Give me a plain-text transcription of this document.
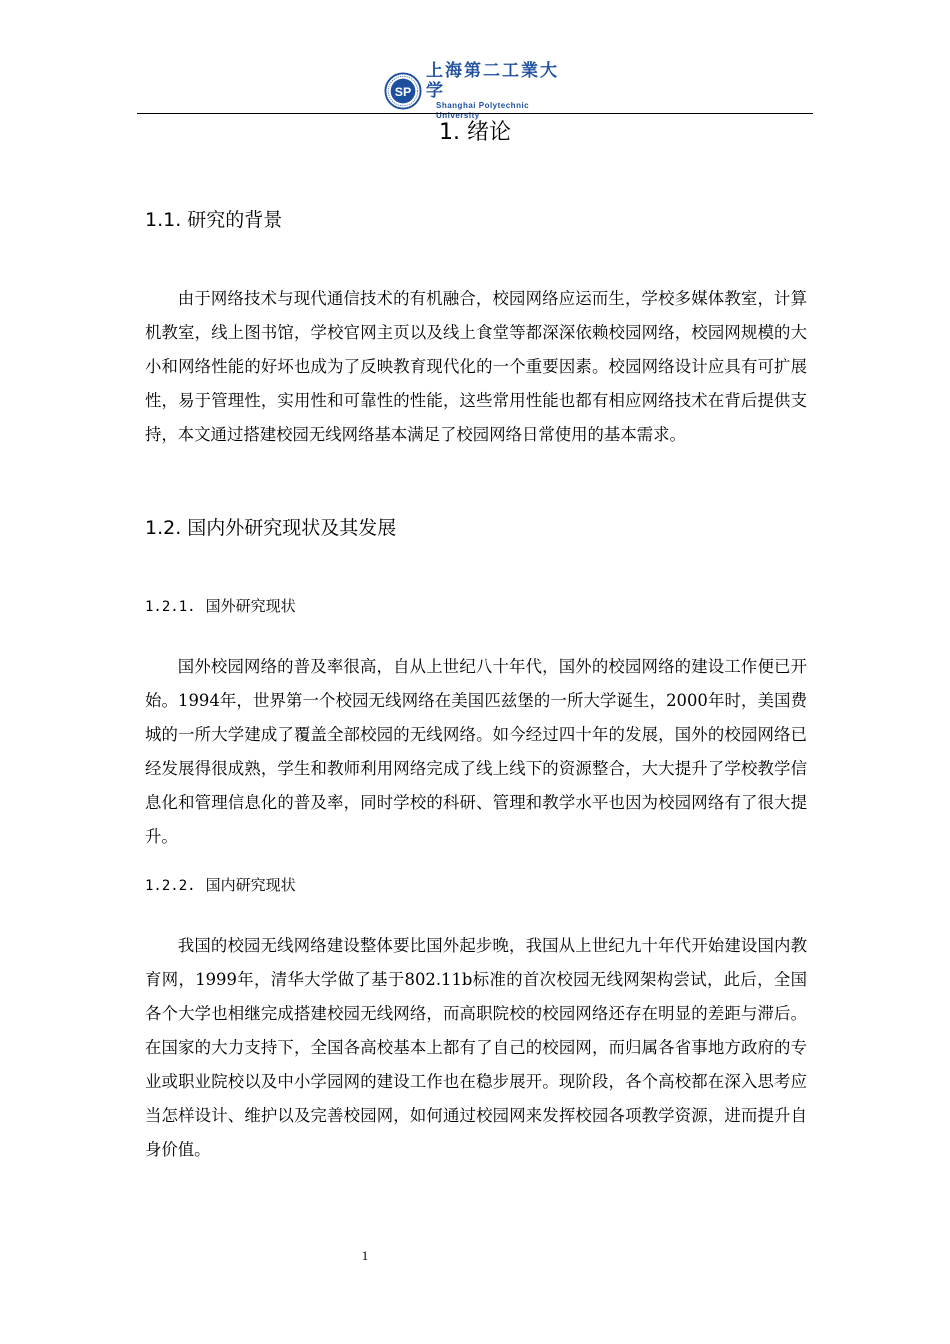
SP
上海第二工業大学
Shanghai Polytechnic University
1. 绪论
1.1. 研究的背景

由于网络技术与现代通信技术的有机融合，校园网络应运而生，学校多媒体教室，计算机教室，线上图书馆，学校官网主页以及线上食堂等都深深依赖校园网络，校园网规模的大小和网络性能的好坏也成为了反映教育现代化的一个重要因素。校园网络设计应具有可扩展性，易于管理性，实用性和可靠性的性能，这些常用性能也都有相应网络技术在背后提供支持，本文通过搭建校园无线网络基本满足了校园网络日常使用的基本需求。

1.2. 国内外研究现状及其发展
1.2.1. 国外研究现状

国外校园网络的普及率很高，自从上世纪八十年代，国外的校园网络的建设工作便已开始。1994年，世界第一个校园无线网络在美国匹兹堡的一所大学诞生，2000年时，美国费城的一所大学建成了覆盖全部校园的无线网络。如今经过四十年的发展，国外的校园网络已经发展得很成熟，学生和教师利用网络完成了线上线下的资源整合，大大提升了学校教学信息化和管理信息化的普及率，同时学校的科研、管理和教学水平也因为校园网络有了很大提升。

1.2.2. 国内研究现状

我国的校园无线网络建设整体要比国外起步晚，我国从上世纪九十年代开始建设国内教育网，1999年，清华大学做了基于802.11b标准的首次校园无线网架构尝试，此后，全国各个大学也相继完成搭建校园无线网络，而高职院校的校园网络还存在明显的差距与滞后。在国家的大力支持下，全国各高校基本上都有了自己的校园网，而归属各省事地方政府的专业或职业院校以及中小学园网的建设工作也在稳步展开。现阶段，各个高校都在深入思考应当怎样设计、维护以及完善校园网，如何通过校园网来发挥校园各项教学资源，进而提升自身价值。

1
